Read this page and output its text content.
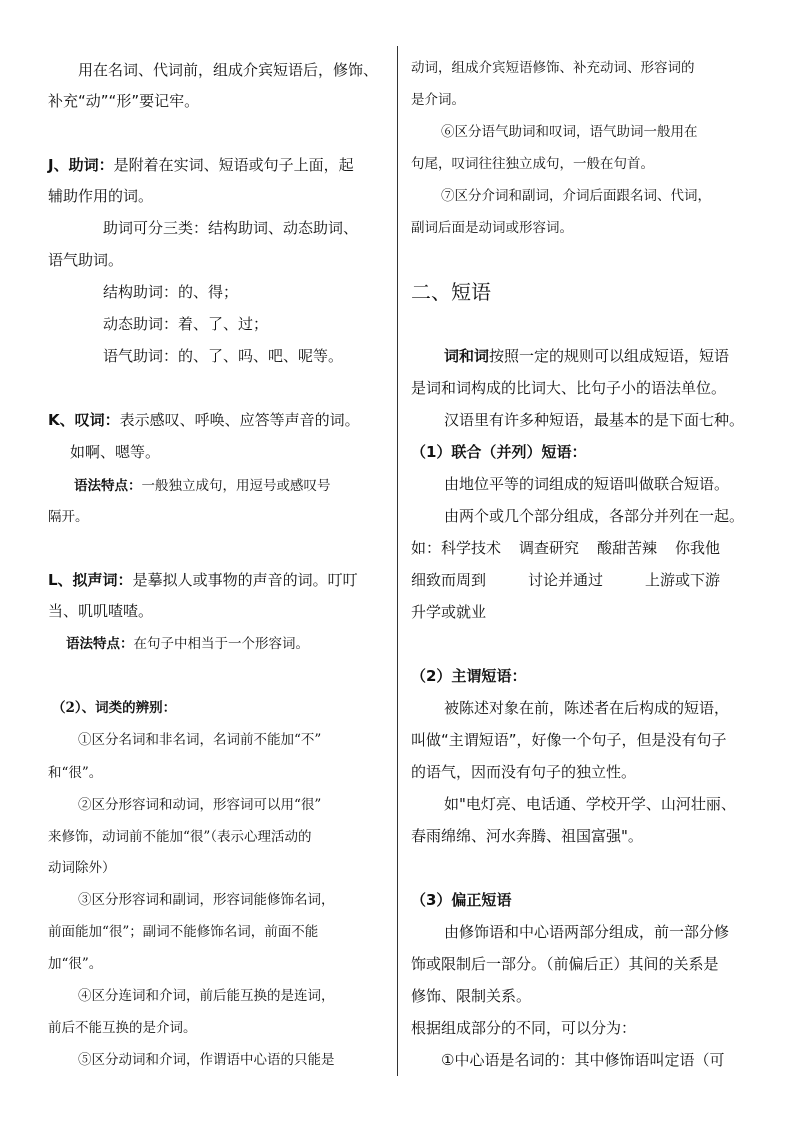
用在名词、代词前，组成介宾短语后，修饰、
补充“动”“形”要记牢。
J、助词：是附着在实词、短语或句子上面，起
辅助作用的词。
助词可分三类：结构助词、动态助词、
语气助词。
结构助词：的、得；
动态助词：着、了、过；
语气助词：的、了、吗、吧、呢等。
K、叹词：表示感叹、呼唤、应答等声音的词。
如啊、嗯等。
语法特点：一般独立成句，用逗号或感叹号
隔开。
L、拟声词：是摹拟人或事物的声音的词。叮叮
当、叽叽喳喳。
语法特点：在句子中相当于一个形容词。
（2）、词类的辨别：
①区分名词和非名词，名词前不能加“不”
和“很”。
②区分形容词和动词，形容词可以用“很”
来修饰，动词前不能加“很”（表示心理活动的
动词除外）
③区分形容词和副词，形容词能修饰名词，
前面能加“很”；副词不能修饰名词，前面不能
加“很”。
④区分连词和介词，前后能互换的是连词，
前后不能互换的是介词。
⑤区分动词和介词，作谓语中心语的只能是
动词，组成介宾短语修饰、补充动词、形容词的
是介词。
⑥区分语气助词和叹词，语气助词一般用在
句尾，叹词往往独立成句，一般在句首。
⑦区分介词和副词，介词后面跟名词、代词，
副词后面是动词或形容词。
二、短语
词和词按照一定的规则可以组成短语，短语
是词和词构成的比词大、比句子小的语法单位。
汉语里有许多种短语，最基本的是下面七种。
（1）联合（并列）短语：
由地位平等的词组成的短语叫做联合短语。
由两个或几个部分组成，各部分并列在一起。
如：科学技术 调查研究 酸甜苦辣 你我他
细致而周到	讨论并通过	上游或下游
升学或就业
（2）主谓短语：
被陈述对象在前，陈述者在后构成的短语，
叫做“主谓短语”，好像一个句子，但是没有句子
的语气，因而没有句子的独立性。
如"电灯亮、电话通、学校开学、山河壮丽、
春雨绵绵、河水奔腾、祖国富强"。
（3）偏正短语
由修饰语和中心语两部分组成，前一部分修
饰或限制后一部分。（前偏后正）其间的关系是
修饰、限制关系。
根据组成部分的不同，可以分为：
①中心语是名词的：其中修饰语叫定语（可
